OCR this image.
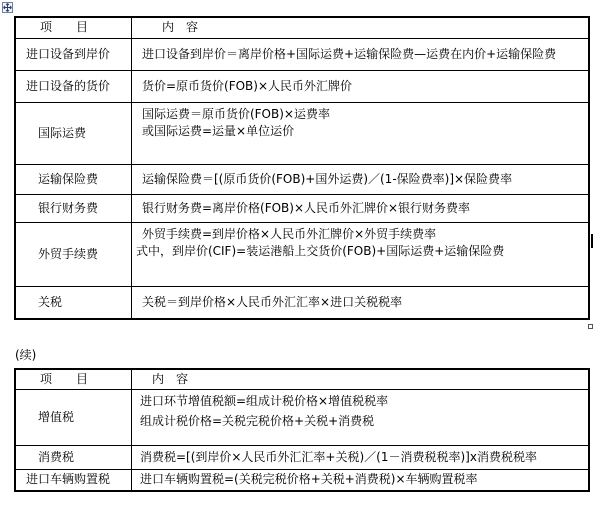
项　　目	内　容
进口设备到岸价	进口设备到岸价＝离岸价格+国际运费+运输保险费—运费在内价+运输保险费

进口设备的货价	货价=原币货价(FOB)×人民币外汇牌价

国际运费	国际运费＝原币货价(FOB)×运费率
或国际运费=运量×单位运价

运输保险费	运输保险费＝[(原币货价(FOB)+国外运费)／(1-保险费率)]×保险费率

银行财务费	银行财务费=离岸价格(FOB)×人民币外汇牌价×银行财务费率

外贸手续费	外贸手续费=到岸价格×人民币外汇牌价×外贸手续费率
式中，到岸价(CIF)=装运港船上交货价(FOB)+国际运费+运输保险费

关税	关税＝到岸价格×人民币外汇汇率×进口关税税率
(续)
项　　目	内　容
增值税	进口环节增值税额=组成计税价格×增值税税率
组成计税价格=关税完税价格+关税+消费税

消费税	消费税=[(到岸价×人民币外汇汇率+关税)／(1－消费税税率)]x消费税税率

进口车辆购置税	进口车辆购置税=(关税完税价格+关税+消费税)×车辆购置税率
